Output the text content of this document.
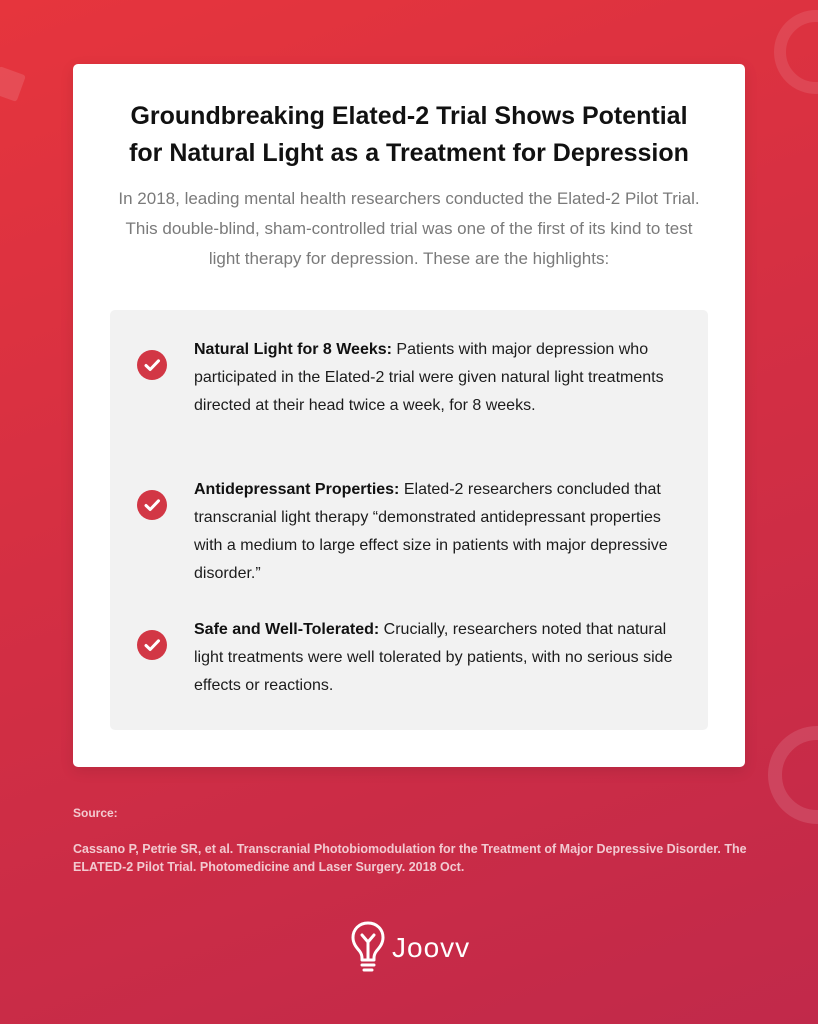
Groundbreaking Elated-2 Trial Shows Potential for Natural Light as a Treatment for Depression
In 2018, leading mental health researchers conducted the Elated-2 Pilot Trial. This double-blind, sham-controlled trial was one of the first of its kind to test light therapy for depression. These are the highlights:
Natural Light for 8 Weeks: Patients with major depression who participated in the Elated-2 trial were given natural light treatments directed at their head twice a week, for 8 weeks.
Antidepressant Properties: Elated-2 researchers concluded that transcranial light therapy “demonstrated antidepressant properties with a medium to large effect size in patients with major depressive disorder.”
Safe and Well-Tolerated: Crucially, researchers noted that natural light treatments were well tolerated by patients, with no serious side effects or reactions.
Source:
Cassano P, Petrie SR, et al. Transcranial Photobiomodulation for the Treatment of Major Depressive Disorder. The ELATED-2 Pilot Trial. Photomedicine and Laser Surgery. 2018 Oct.
Joovv
